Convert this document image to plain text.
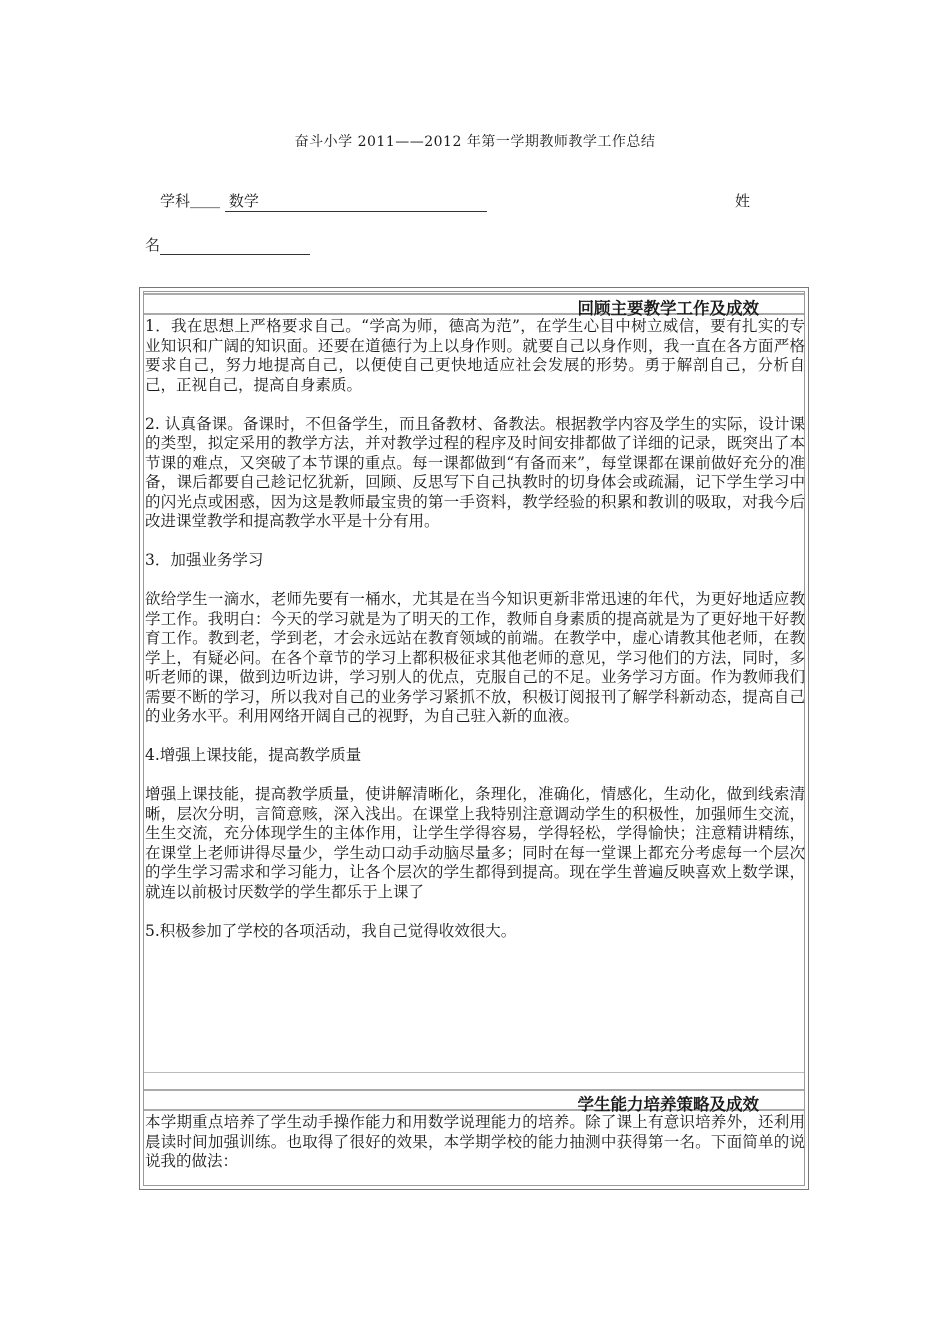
奋斗小学 2011——2012 年第一学期教师教学工作总结
学科＿＿ 数学	姓
名
回顾主要教学工作及成效

1．我在思想上严格要求自己。“学高为师，德高为范”，在学生心目中树立威信，要有扎实的专业知识和广阔的知识面。还要在道德行为上以身作则。就要自己以身作则，我一直在各方面严格要求自己，努力地提高自己，以便使自己更快地适应社会发展的形势。勇于解剖自己，分析自己，正视自己，提高自身素质。

2. 认真备课。备课时，不但备学生，而且备教材、备教法。根据教学内容及学生的实际，设计课的类型，拟定采用的教学方法，并对教学过程的程序及时间安排都做了详细的记录，既突出了本节课的难点，又突破了本节课的重点。每一课都做到“有备而来”，每堂课都在课前做好充分的准备，课后都要自己趁记忆犹新，回顾、反思写下自己执教时的切身体会或疏漏，记下学生学习中的闪光点或困惑，因为这是教师最宝贵的第一手资料，教学经验的积累和教训的吸取，对我今后改进课堂教学和提高教学水平是十分有用。

3．加强业务学习

欲给学生一滴水，老师先要有一桶水，尤其是在当今知识更新非常迅速的年代，为更好地适应教学工作。我明白：今天的学习就是为了明天的工作，教师自身素质的提高就是为了更好地干好教育工作。教到老，学到老，才会永远站在教育领域的前端。在教学中，虚心请教其他老师，在教学上，有疑必问。在各个章节的学习上都积极征求其他老师的意见，学习他们的方法，同时，多听老师的课，做到边听边讲，学习别人的优点，克服自己的不足。业务学习方面。作为教师我们需要不断的学习，所以我对自己的业务学习紧抓不放，积极订阅报刊了解学科新动态，提高自己的业务水平。利用网络开阔自己的视野，为自己驻入新的血液。

4.增强上课技能，提高教学质量

增强上课技能，提高教学质量，使讲解清晰化，条理化，准确化，情感化，生动化，做到线索清晰，层次分明，言简意赅，深入浅出。在课堂上我特别注意调动学生的积极性，加强师生交流，生生交流，充分体现学生的主体作用，让学生学得容易，学得轻松，学得愉快；注意精讲精练，在课堂上老师讲得尽量少，学生动口动手动脑尽量多；同时在每一堂课上都充分考虑每一个层次的学生学习需求和学习能力，让各个层次的学生都得到提高。现在学生普遍反映喜欢上数学课，就连以前极讨厌数学的学生都乐于上课了

5.积极参加了学校的各项活动，我自己觉得收效很大。

学生能力培养策略及成效

本学期重点培养了学生动手操作能力和用数学说理能力的培养。除了课上有意识培养外，还利用晨读时间加强训练。也取得了很好的效果，本学期学校的能力抽测中获得第一名。下面简单的说说我的做法：
